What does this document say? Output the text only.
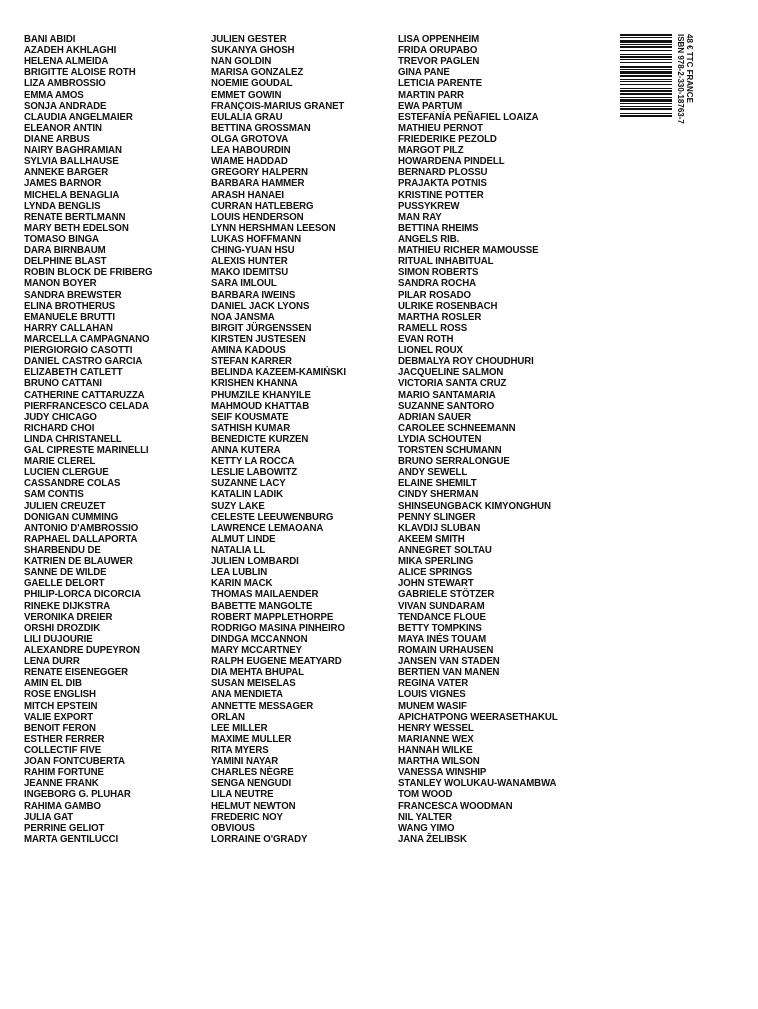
BANI ABIDI
AZADEH AKHLAGHI
HELENA ALMEIDA
BRIGITTE ALOISE ROTH
LIZA AMBROSSIO
EMMA AMOS
SONJA ANDRADE
CLAUDIA ANGELMAIER
ELEANOR ANTIN
DIANE ARBUS
NAIRY BAGHRAMIAN
SYLVIA BALLHAUSE
ANNEKE BARGER
JAMES BARNOR
MICHELA BENAGLIA
LYNDA BENGLIS
RENATE BERTLMANN
MARY BETH EDELSON
TOMASO BINGA
DARA BIRNBAUM
DELPHINE BLAST
ROBIN BLOCK DE FRIBERG
MANON BOYER
SANDRA BREWSTER
ELINA BROTHERUS
EMANUELE BRUTTI
HARRY CALLAHAN
MARCELLA CAMPAGNANO
PIERGIORGIO CASOTTI
DANIEL CASTRO GARCIA
ELIZABETH CATLETT
BRUNO CATTANI
CATHERINE CATTARUZZA
PIERFRANCESCO CELADA
JUDY CHICAGO
RICHARD CHOI
LINDA CHRISTANELL
GAL CIPRESTE MARINELLI
MARIE CLEREL
LUCIEN CLERGUE
CASSANDRE COLAS
SAM CONTIS
JULIEN CREUZET
DONIGAN CUMMING
ANTONIO D'AMBROSSIO
RAPHAEL DALLAPORTA
SHARBENDU DE
KATRIEN DE BLAUWER
SANNE DE WILDE
GAELLE DELORT
PHILIP-LORCA DICORCIA
RINEKE DIJKSTRA
VERONIKA DREIER
ORSHI DROZDIK
LILI DUJOURIE
ALEXANDRE DUPEYRON
LENA DURR
RENATE EISENEGGER
AMIN EL DIB
ROSE ENGLISH
MITCH EPSTEIN
VALIE EXPORT
BENOIT FERON
ESTHER FERRER
COLLECTIF FIVE
JOAN FONTCUBERTA
RAHIM FORTUNE
JEANNE FRANK
INGEBORG G. PLUHAR
RAHIMA GAMBO
JULIA GAT
PERRINE GELIOT
MARTA GENTILUCCI
JULIEN GESTER
SUKANYA GHOSH
NAN GOLDIN
MARISA GONZALEZ
NOEMIE GOUDAL
EMMET GOWIN
FRANÇOIS-MARIUS GRANET
EULALIA GRAU
BETTINA GROSSMAN
OLGA GROTOVA
LEA HABOURDIN
WIAME HADDAD
GREGORY HALPERN
BARBARA HAMMER
ARASH HANAEI
CURRAN HATLEBERG
LOUIS HENDERSON
LYNN HERSHMAN LEESON
LUKAS HOFFMANN
CHING-YUAN HSU
ALEXIS HUNTER
MAKO IDEMITSU
SARA IMLOUL
BARBARA IWEINS
DANIEL JACK LYONS
NOA JANSMA
BIRGIT JÜRGENSSEN
KIRSTEN JUSTESEN
AMINA KADOUS
STEFAN KARRER
BELINDA KAZEEM-KAMIŃSKI
KRISHEN KHANNA
PHUMZILE KHANYILE
MAHMOUD KHATTAB
SEIF KOUSMATE
SATHISH KUMAR
BENEDICTE KURZEN
ANNA KUTERA
KETTY LA ROCCA
LESLIE LABOWITZ
SUZANNE LACY
KATALIN LADIK
SUZY LAKE
CELESTE LEEUWENBURG
LAWRENCE LEMAOANA
ALMUT LINDE
NATALIA LL
JULIEN LOMBARDI
LEA LUBLIN
KARIN MACK
THOMAS MAILAENDER
BABETTE MANGOLTE
ROBERT MAPPLETHORPE
RODRIGO MASINA PINHEIRO
DINDGA MCCANNON
MARY MCCARTNEY
RALPH EUGENE MEATYARD
DIA MEHTA BHUPAL
SUSAN MEISELAS
ANA MENDIETA
ANNETTE MESSAGER
ORLAN
LEE MILLER
MAXIME MULLER
RITA MYERS
YAMINI NAYAR
CHARLES NÈGRE
SENGA NENGUDI
LILA NEUTRE
HELMUT NEWTON
FREDERIC NOY
OBVIOUS
LORRAINE O'GRADY
LISA OPPENHEIM
FRIDA ORUPABO
TREVOR PAGLEN
GINA PANE
LETICIA PARENTE
MARTIN PARR
EWA PARTUM
ESTEFANÍA PEÑAFIEL LOAIZA
MATHIEU PERNOT
FRIEDERIKE PEZOLD
MARGOT PILZ
HOWARDENA PINDELL
BERNARD PLOSSU
PRAJAKTA POTNIS
KRISTINE POTTER
PUSSYKREW
MAN RAY
BETTINA RHEIMS
ANGELS RIB.
MATHIEU RICHER MAMOUSSE
RITUAL INHABITUAL
SIMON ROBERTS
SANDRA ROCHA
PILAR ROSADO
ULRIKE ROSENBACH
MARTHA ROSLER
RAMELL ROSS
EVAN ROTH
LIONEL ROUX
DEBMALYA ROY CHOUDHURI
JACQUELINE SALMON
VICTORIA SANTA CRUZ
MARIO SANTAMARIA
SUZANNE SANTORO
ADRIAN SAUER
CAROLEE SCHNEEMANN
LYDIA SCHOUTEN
TORSTEN SCHUMANN
BRUNO SERRALONGUE
ANDY SEWELL
ELAINE SHEMILT
CINDY SHERMAN
SHINSEUNGBACK KIMYONGHUN
PENNY SLINGER
KLAVDIJ SLUBAN
AKEEM SMITH
ANNEGRET SOLTAU
MIKA SPERLING
ALICE SPRINGS
JOHN STEWART
GABRIELE STÖTZER
VIVAN SUNDARAM
TENDANCE FLOUE
BETTY TOMPKINS
MAYA INÉS TOUAM
ROMAIN URHAUSEN
JANSEN VAN STADEN
BERTIEN VAN MANEN
REGINA VATER
LOUIS VIGNES
MUNEM WASIF
APICHATPONG WEERASETHAKUL
HENRY WESSEL
MARIANNE WEX
HANNAH WILKE
MARTHA WILSON
VANESSA WINSHIP
STANLEY WOLUKAU-WANAMBWA
TOM WOOD
FRANCESCA WOODMAN
NIL YALTER
WANG YIMO
JANA ŽELIBSK
48 € TTC FRANCE
ISBN 978-2-330-18763-7
